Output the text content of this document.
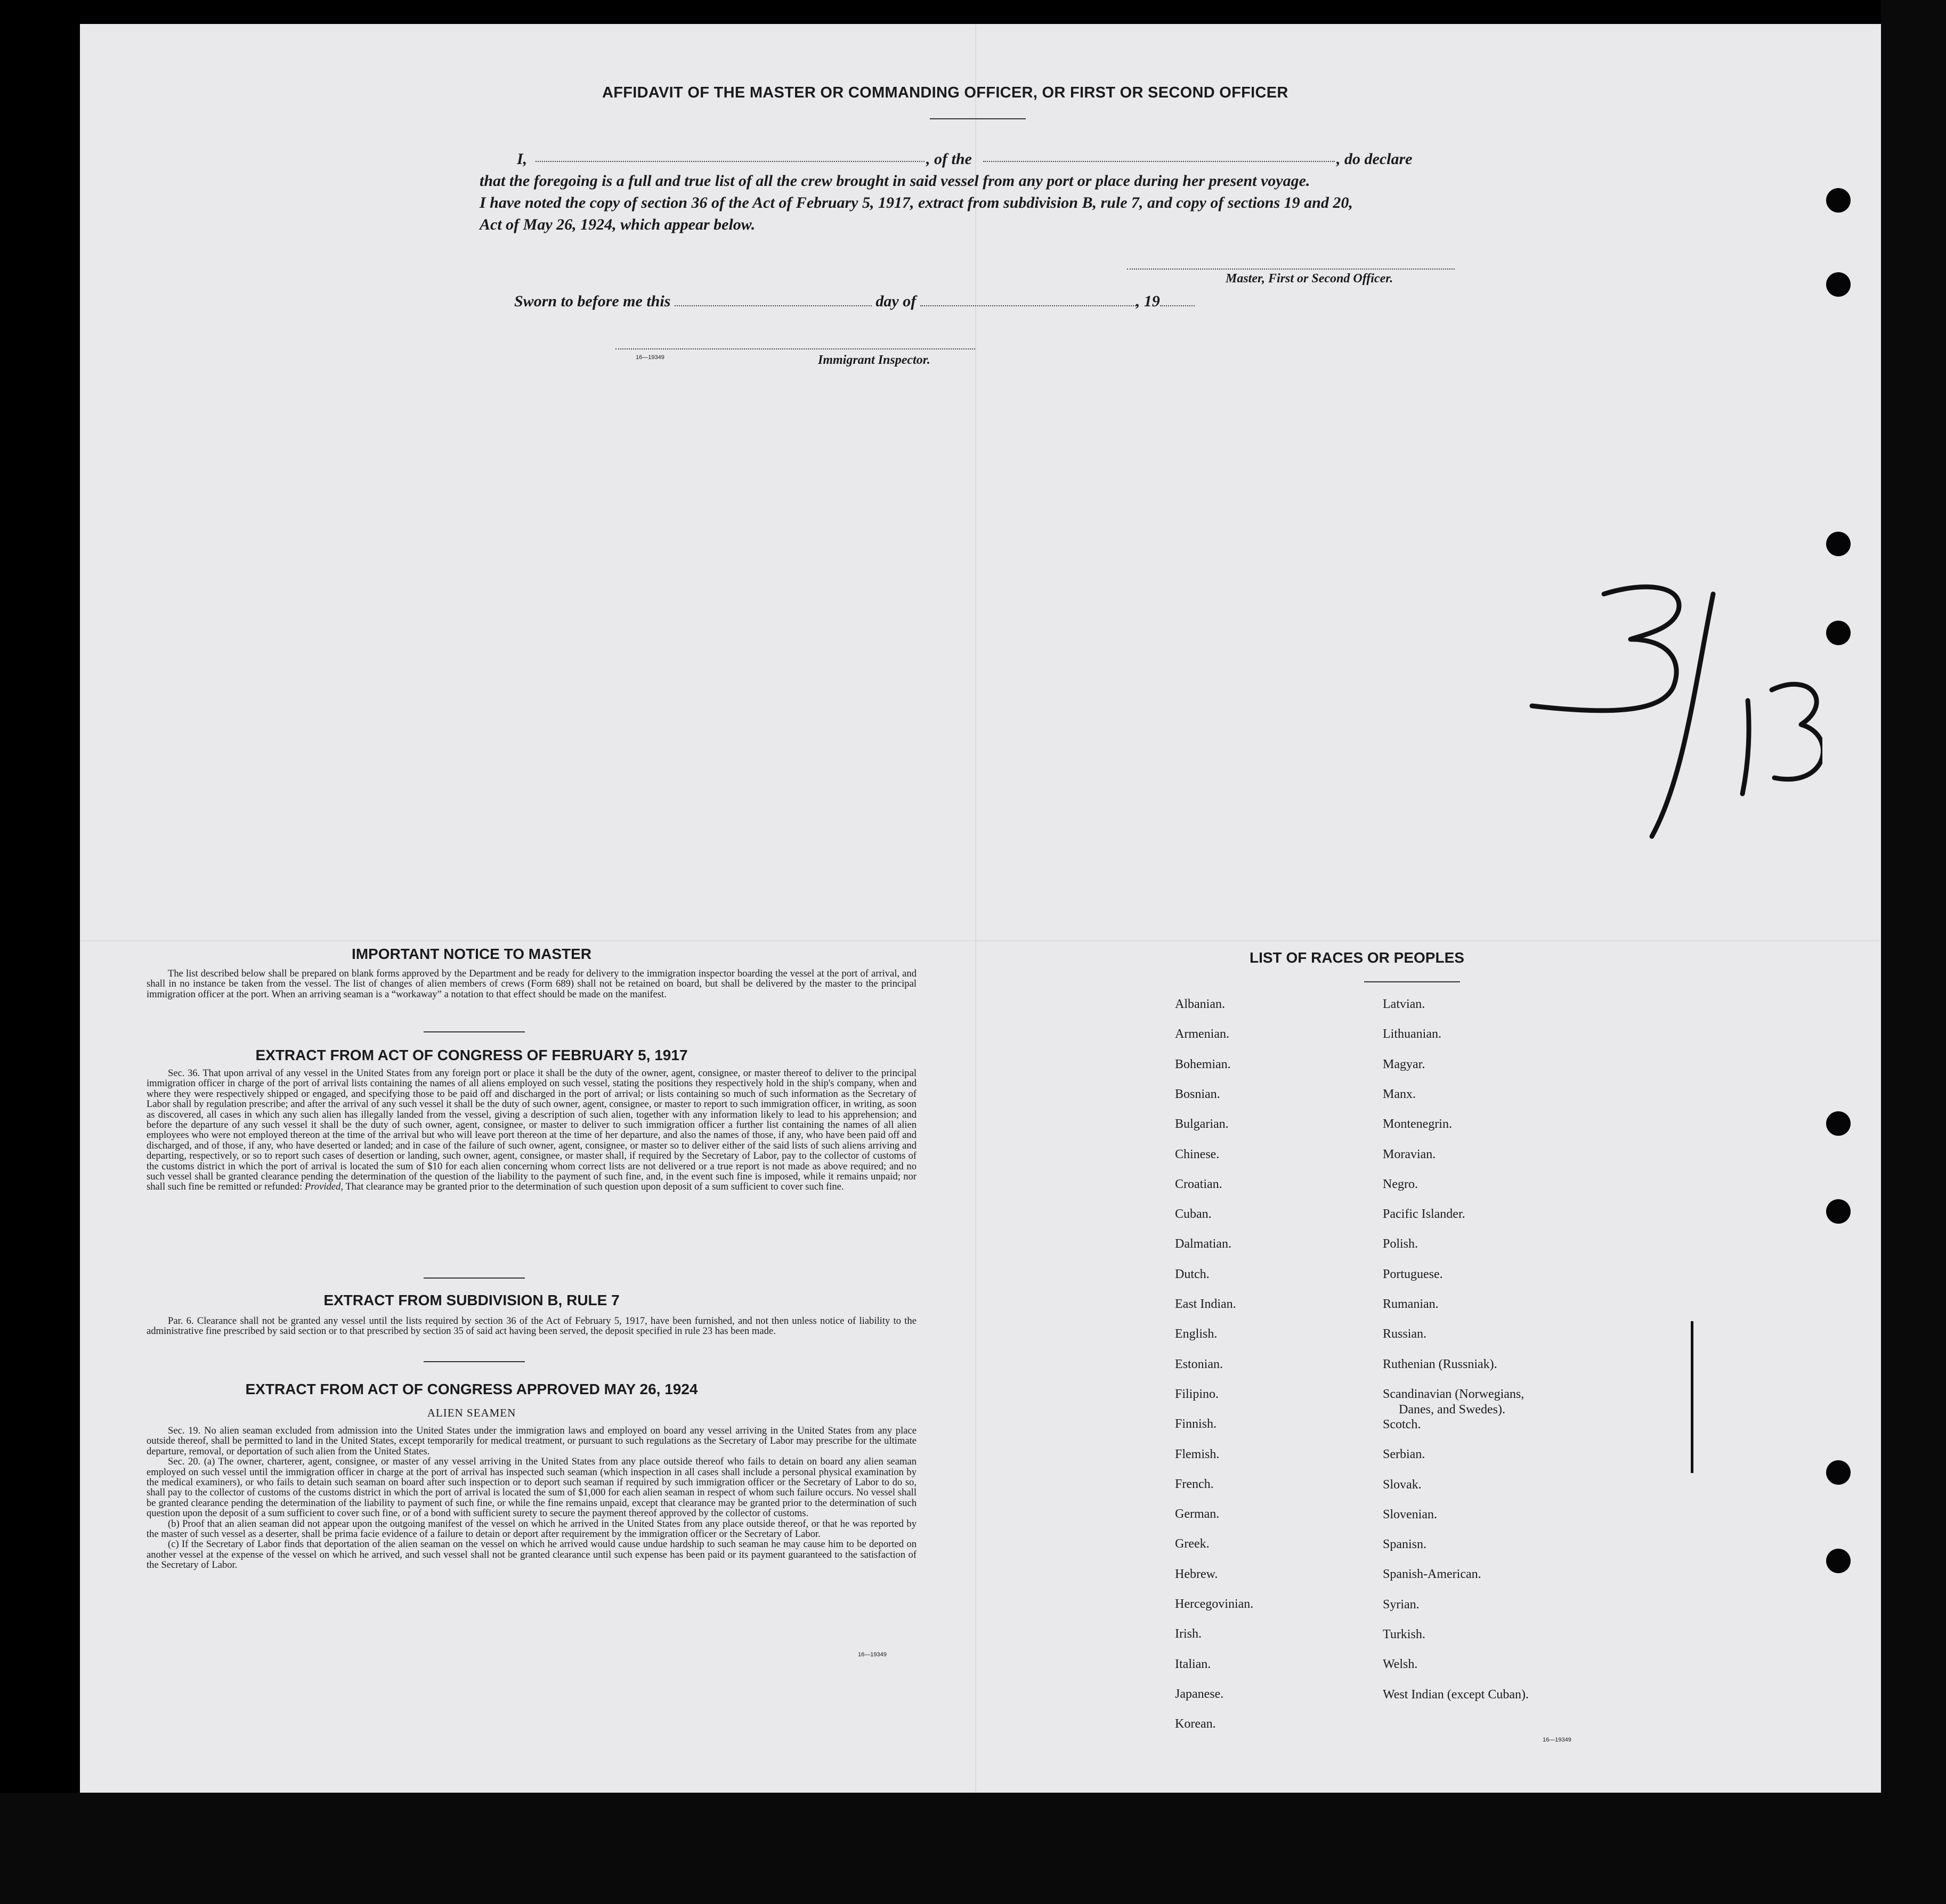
AFFIDAVIT OF THE MASTER OR COMMANDING OFFICER, OR FIRST OR SECOND OFFICER
I,	, of the	, do declare
that the foregoing is a full and true list of all the crew brought in said vessel from any port or place during her present voyage.
I have noted the copy of section 36 of the Act of February 5, 1917, extract from subdivision B, rule 7, and copy of sections 19 and 20,
Act of May 26, 1924, which appear below.
Master, First or Second Officer.
Sworn to before me this	day of	, 19
16—19349	Immigrant Inspector.
IMPORTANT NOTICE TO MASTER

The list described below shall be prepared on blank forms approved by the Department and be ready for delivery to the immigration inspector boarding the vessel at the port of arrival, and shall in no instance be taken from the vessel. The list of changes of alien members of crews (Form 689) shall not be retained on board, but shall be delivered by the master to the principal immigration officer at the port. When an arriving seaman is a “workaway” a notation to that effect should be made on the manifest.

EXTRACT FROM ACT OF CONGRESS OF FEBRUARY 5, 1917

Sec. 36. That upon arrival of any vessel in the United States from any foreign port or place it shall be the duty of the owner, agent, consignee, or master thereof to deliver to the principal immigration officer in charge of the port of arrival lists containing the names of all aliens employed on such vessel, stating the positions they respectively hold in the ship's company, when and where they were respectively shipped or engaged, and specifying those to be paid off and discharged in the port of arrival; or lists containing so much of such information as the Secretary of Labor shall by regulation prescribe; and after the arrival of any such vessel it shall be the duty of such owner, agent, consignee, or master to report to such immigration officer, in writing, as soon as discovered, all cases in which any such alien has illegally landed from the vessel, giving a description of such alien, together with any information likely to lead to his apprehension; and before the departure of any such vessel it shall be the duty of such owner, agent, consignee, or master to deliver to such immigration officer a further list containing the names of all alien employees who were not employed thereon at the time of the arrival but who will leave port thereon at the time of her departure, and also the names of those, if any, who have been paid off and discharged, and of those, if any, who have deserted or landed; and in case of the failure of such owner, agent, consignee, or master so to deliver either of the said lists of such aliens arriving and departing, respectively, or so to report such cases of desertion or landing, such owner, agent, consignee, or master shall, if required by the Secretary of Labor, pay to the collector of customs of the customs district in which the port of arrival is located the sum of $10 for each alien concerning whom correct lists are not delivered or a true report is not made as above required; and no such vessel shall be granted clearance pending the determination of the question of the liability to the payment of such fine, and, in the event such fine is imposed, while it remains unpaid; nor shall such fine be remitted or refunded: Provided, That clearance may be granted prior to the determination of such question upon deposit of a sum sufficient to cover such fine.

EXTRACT FROM SUBDIVISION B, RULE 7

Par. 6. Clearance shall not be granted any vessel until the lists required by section 36 of the Act of February 5, 1917, have been furnished, and not then unless notice of liability to the administrative fine prescribed by said section or to that prescribed by section 35 of said act having been served, the deposit specified in rule 23 has been made.

EXTRACT FROM ACT OF CONGRESS APPROVED MAY 26, 1924
ALIEN SEAMEN

Sec. 19. No alien seaman excluded from admission into the United States under the immigration laws and employed on board any vessel arriving in the United States from any place outside thereof, shall be permitted to land in the United States, except temporarily for medical treatment, or pursuant to such regulations as the Secretary of Labor may prescribe for the ultimate departure, removal, or deportation of such alien from the United States.

Sec. 20. (a) The owner, charterer, agent, consignee, or master of any vessel arriving in the United States from any place outside thereof who fails to detain on board any alien seaman employed on such vessel until the immigration officer in charge at the port of arrival has inspected such seaman (which inspection in all cases shall include a personal physical examination by the medical examiners), or who fails to detain such seaman on board after such inspection or to deport such seaman if required by such immigration officer or the Secretary of Labor to do so, shall pay to the collector of customs of the customs district in which the port of arrival is located the sum of $1,000 for each alien seaman in respect of whom such failure occurs. No vessel shall be granted clearance pending the determination of the liability to payment of such fine, or while the fine remains unpaid, except that clearance may be granted prior to the determination of such question upon the deposit of a sum sufficient to cover such fine, or of a bond with sufficient surety to secure the payment thereof approved by the collector of customs.

(b) Proof that an alien seaman did not appear upon the outgoing manifest of the vessel on which he arrived in the United States from any place outside thereof, or that he was reported by the master of such vessel as a deserter, shall be prima facie evidence of a failure to detain or deport after requirement by the immigration officer or the Secretary of Labor.

(c) If the Secretary of Labor finds that deportation of the alien seaman on the vessel on which he arrived would cause undue hardship to such seaman he may cause him to be deported on another vessel at the expense of the vessel on which he arrived, and such vessel shall not be granted clearance until such expense has been paid or its payment guaranteed to the satisfaction of the Secretary of Labor.

16—19349
LIST OF RACES OR PEOPLES
Albanian.
Armenian.
Bohemian.
Bosnian.
Bulgarian.
Chinese.
Croatian.
Cuban.
Dalmatian.
Dutch.
East Indian.
English.
Estonian.
Filipino.
Finnish.
Flemish.
French.
German.
Greek.
Hebrew.
Hercegovinian.
Irish.
Italian.
Japanese.
Korean.
Latvian.
Lithuanian.
Magyar.
Manx.
Montenegrin.
Moravian.
Negro.
Pacific Islander.
Polish.
Portuguese.
Rumanian.
Russian.
Ruthenian (Russniak).
Scandinavian (Norwegians,
Danes, and Swedes).
Scotch.
Serbian.
Slovak.
Slovenian.
Spanisn.
Spanish-American.
Syrian.
Turkish.
Welsh.
West Indian (except Cuban).
16—19349
